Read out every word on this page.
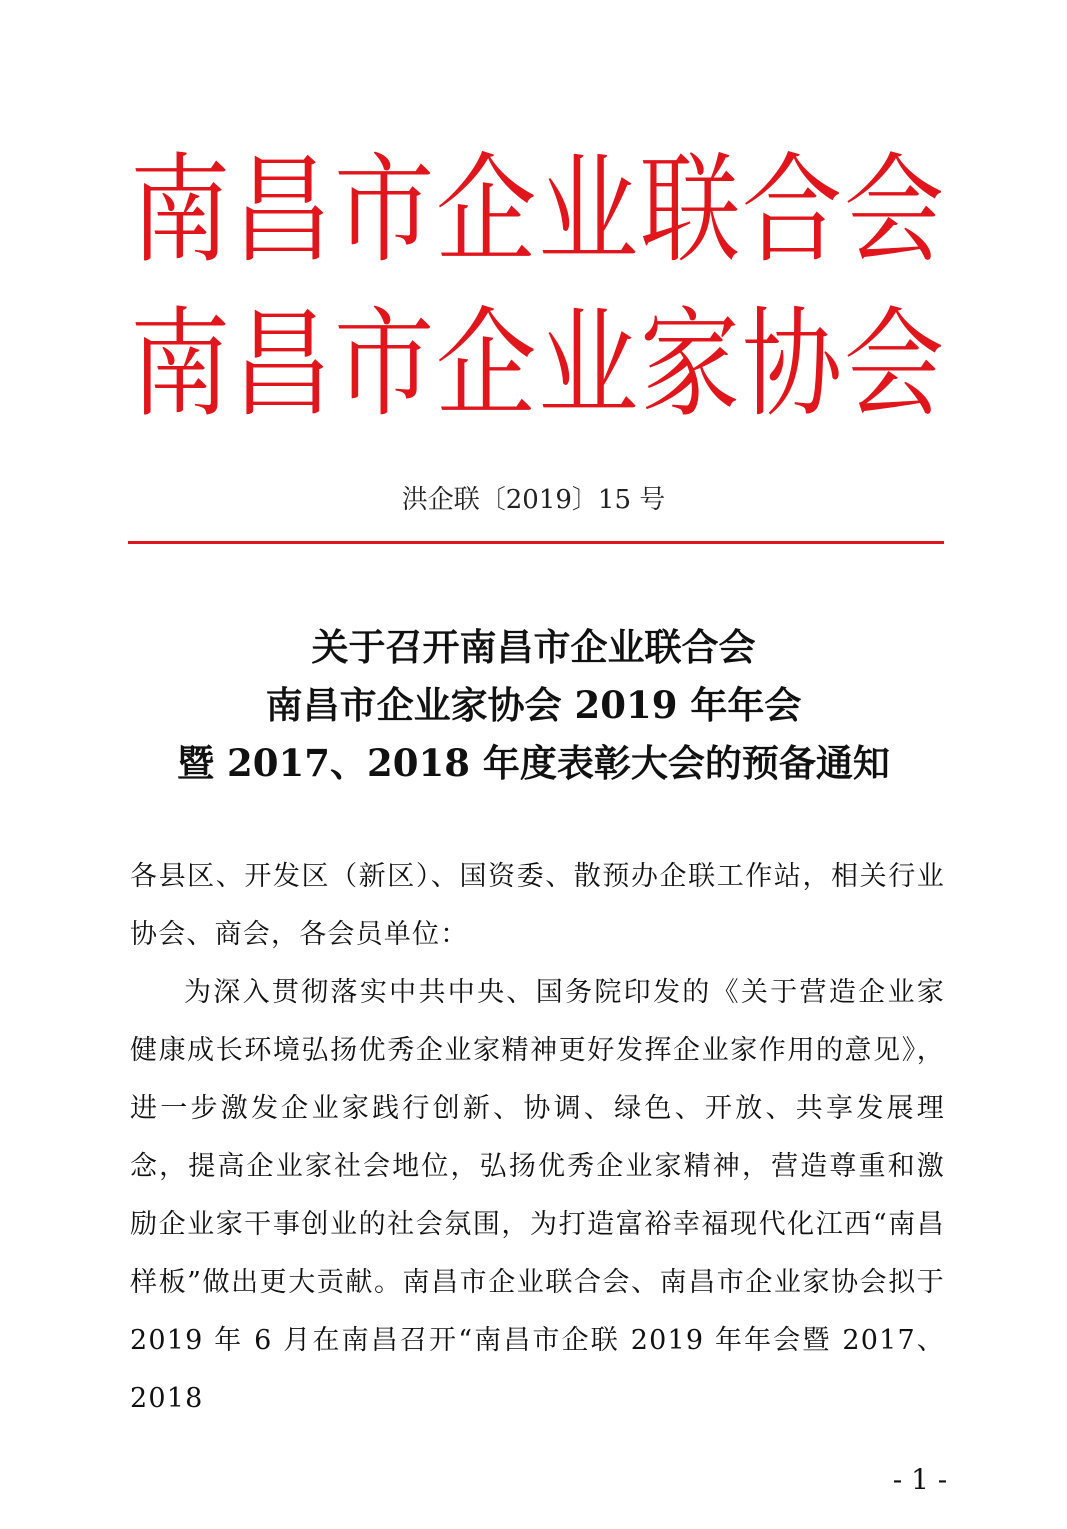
南 昌 市 企 业 联 合 会
南 昌 市 企 业 家 协 会
洪企联〔2019〕15 号
关于召开南昌市企业联合会
南昌市企业家协会 2019 年年会
暨 2017、2018 年度表彰大会的预备通知

各县区、开发区（新区）、国资委、散预办企联工作站，相关行业协会、商会，各会员单位：

为深入贯彻落实中共中央、国务院印发的《关于营造企业家健康成长环境弘扬优秀企业家精神更好发挥企业家作用的意见》，进一步激发企业家践行创新、协调、绿色、开放、共享发展理念，提高企业家社会地位，弘扬优秀企业家精神，营造尊重和激励企业家干事创业的社会氛围，为打造富裕幸福现代化江西“南昌样板”做出更大贡献。南昌市企业联合会、南昌市企业家协会拟于 2019 年 6 月在南昌召开“南昌市企联 2019 年年会暨 2017、2018

- 1 -
